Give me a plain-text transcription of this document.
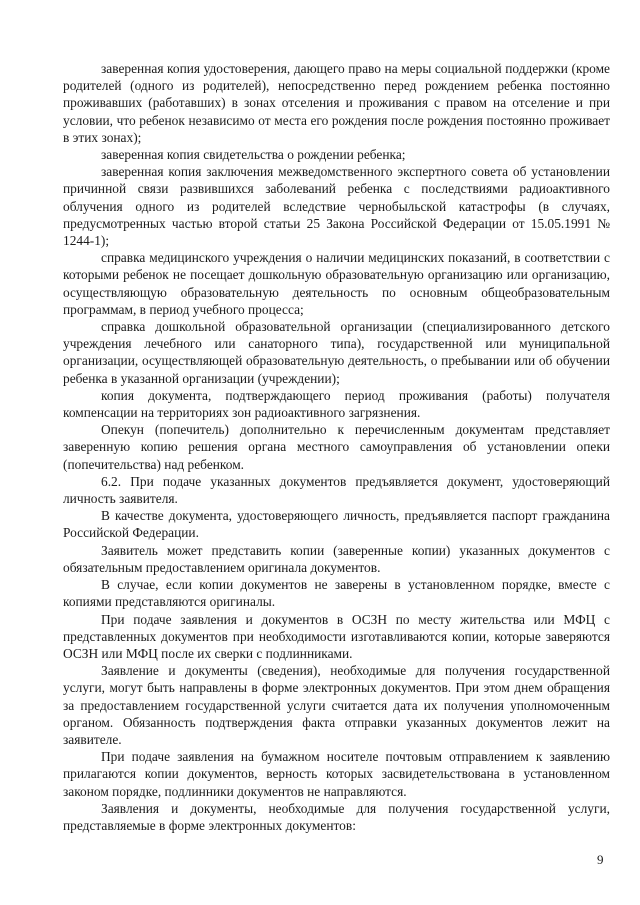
заверенная копия удостоверения, дающего право на меры социальной поддержки (кроме родителей (одного из родителей), непосредственно перед рождением ребенка постоянно проживавших (работавших) в зонах отселения и проживания с правом на отселение и при условии, что ребенок независимо от места его рождения после рождения постоянно проживает в этих зонах);

заверенная копия свидетельства о рождении ребенка;

заверенная копия заключения межведомственного экспертного совета об установлении причинной связи развившихся заболеваний ребенка с последствиями радиоактивного облучения одного из родителей вследствие чернобыльской катастрофы (в случаях, предусмотренных частью второй статьи 25 Закона Российской Федерации от 15.05.1991 № 1244-1);

справка медицинского учреждения о наличии медицинских показаний, в соответствии с которыми ребенок не посещает дошкольную образовательную организацию или организацию, осуществляющую образовательную деятельность по основным общеобразовательным программам, в период учебного процесса;

справка дошкольной образовательной организации (специализированного детского учреждения лечебного или санаторного типа), государственной или муниципальной организации, осуществляющей образовательную деятельность, о пребывании или об обучении ребенка в указанной организации (учреждении);

копия документа, подтверждающего период проживания (работы) получателя компенсации на территориях зон радиоактивного загрязнения.

Опекун (попечитель) дополнительно к перечисленным документам представляет заверенную копию решения органа местного самоуправления об установлении опеки (попечительства) над ребенком.

6.2. При подаче указанных документов предъявляется документ, удостоверяющий личность заявителя.

В качестве документа, удостоверяющего личность, предъявляется паспорт гражданина Российской Федерации.

Заявитель может представить копии (заверенные копии) указанных документов с обязательным предоставлением оригинала документов.

В случае, если копии документов не заверены в установленном порядке, вместе с копиями представляются оригиналы.

При подаче заявления и документов в ОСЗН по месту жительства или МФЦ с представленных документов при необходимости изготавливаются копии, которые заверяются ОСЗН или МФЦ после их сверки с подлинниками.

Заявление и документы (сведения), необходимые для получения государственной услуги, могут быть направлены в форме электронных документов. При этом днем обращения за предоставлением государственной услуги считается дата их получения уполномоченным органом. Обязанность подтверждения факта отправки указанных документов лежит на заявителе.

При подаче заявления на бумажном носителе почтовым отправлением к заявлению прилагаются копии документов, верность которых засвидетельствована в установленном законом порядке, подлинники документов не направляются.

Заявления и документы, необходимые для получения государственной услуги, представляемые в форме электронных документов:

9
